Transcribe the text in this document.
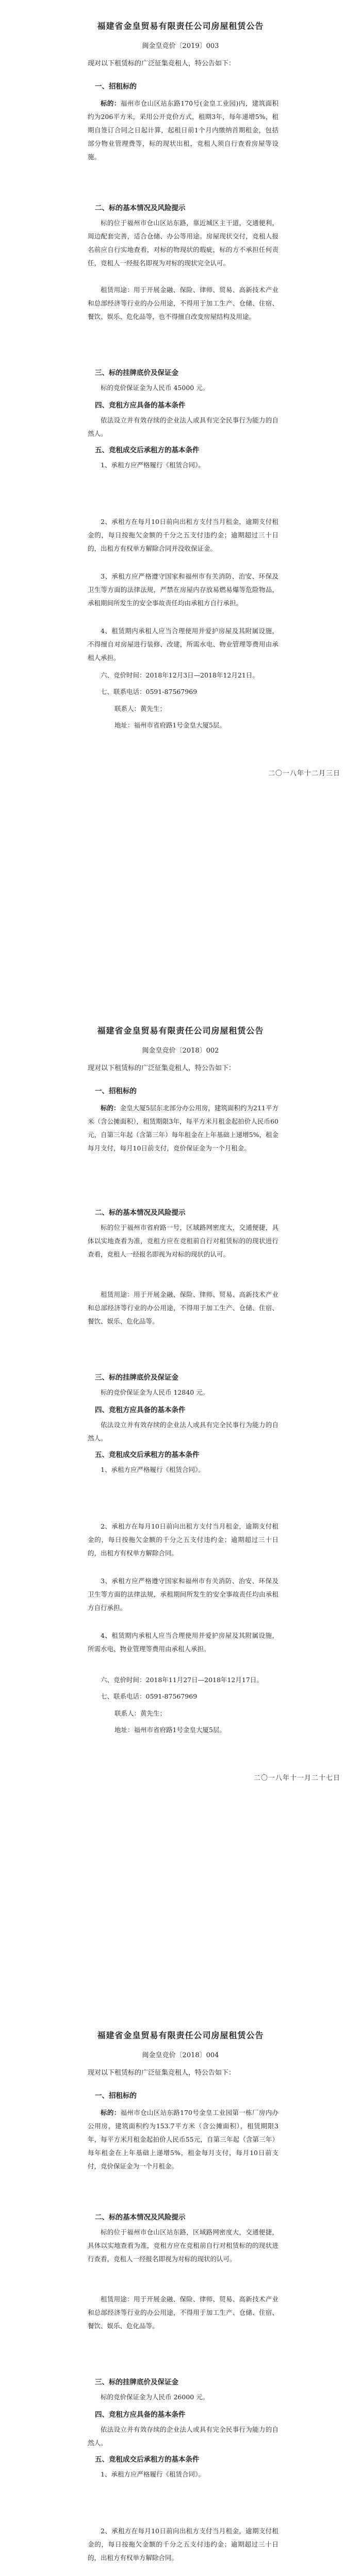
福建省金皇贸易有限责任公司房屋租赁公告
闽金皇竞价〔2019〕003
现对以下租赁标的广泛征集竞租人，特公告如下：
一、招租标的
标的：福州市仓山区站东路170号(金皇工业园)内，建筑面积约为206平方米，采用公开竞价方式，租期3年，每年递增5%，租期自签订合同之日起计算，起租日前1个月内缴纳首期租金，包括部分物业管理费等，标的现状出租，竞租人须自行查看房屋等设施。
二、标的基本情况及风险提示
标的位于福州市仓山区站东路，靠近城区主干道，交通便利，周边配套完善，适合仓储、办公等用途。房屋现状交付，竞租人报名前应自行实地查看，对标的物现状的瑕疵，标的方不承担任何责任，竞租人一经报名即视为对标的现状完全认可。
租赁用途：用于开展金融、保险、律师、贸易、高新技术产业和总部经济等行业的办公用途，不得用于加工生产、仓储、住宿、餐饮、娱乐、危化品等，也不得擅自改变房屋结构及用途。
三、标的挂牌底价及保证金
标的竞价保证金为人民币 45000 元。
四、竞租方应具备的基本条件
依法设立并有效存续的企业法人或具有完全民事行为能力的自然人。
五、竞租成交后承租方的基本条件
1、承租方应严格履行《租赁合同》。
2、承租方在每月10日前向出租方支付当月租金，逾期支付租金的，每日按拖欠金额的千分之五支付违约金；逾期超过三十日的，出租方有权单方解除合同并没收保证金。
3、承租方应严格遵守国家和福州市有关消防、治安、环保及卫生等方面的法律法规，严禁在房屋内存放易燃易爆等危险物品，承租期间所发生的安全事故责任均由承租方自行承担。
4、租赁期内承租人应当合理使用并爱护房屋及其附属设施，不得擅自对房屋进行装修、改建，所需水电、物业管理等费用由承租人承担。
六、竞价时间：2018年12月3日—2018年12月21日。
七、联系电话：0591-87567969
联系人：黄先生；
地址：福州市省府路1号金皇大厦5层。
二〇一八年十二月三日
福建省金皇贸易有限责任公司房屋租赁公告
闽金皇竞价〔2018〕002
现对以下租赁标的广泛征集竞租人，特公告如下：
一、招租标的
标的：金皇大厦5层东北部分办公用房，建筑面积约为211平方米（含公摊面积），租赁期限3年，每平方米月租金起拍价人民币60元，自第三年起（含第三年）每年租金在上年基础上递增5%，租金每月支付，每月10日前支付，竞价保证金为一个月租金。
二、标的基本情况及风险提示
标的位于福州市省府路一号，区域路网密度大，交通便捷，具体以实地查看为准，竞租方应在竞租前自行对租赁标的的现状进行查看，竞租人一经报名即视为对标的现状的认可。
租赁用途：用于开展金融、保险、律师、贸易、高新技术产业和总部经济等行业的办公用途，不得用于加工生产、仓储、住宿、餐饮、娱乐、危化品等。
三、标的挂牌底价及保证金
标的竞价保证金为人民币 12840 元。
四、竞租方应具备的基本条件
依法设立并有效存续的企业法人或具有完全民事行为能力的自然人。
五、竞租成交后承租方的基本条件
1、承租方应严格履行《租赁合同》。
2、承租方在每月10日前向出租方支付当月租金，逾期支付租金的，每日按拖欠金额的千分之五支付违约金；逾期超过三十日的，出租方有权单方解除合同。
3、承租方应严格遵守国家和福州市有关消防、治安、环保及卫生等方面的法律法规，承租期间所发生的安全事故责任均由承租方自行承担。
4、租赁期内承租人应当合理使用并爱护房屋及其附属设施，所需水电、物业管理等费用由承租人承担。
六、竞价时间：2018年11月27日—2018年12月17日。
七、联系电话：0591-87567969
联系人：黄先生；
地址：福州市省府路1号金皇大厦5层。
二〇一八年十一月二十七日
福建省金皇贸易有限责任公司房屋租赁公告
闽金皇竞价〔2018〕004
现对以下租赁标的广泛征集竞租人，特公告如下：
一、招租标的
标的：福州市仓山区站东路170号金皇工业园第一栋厂房内办公用房，建筑面积约为153.7平方米（含公摊面积），租赁期限3年，每平方米月租金起拍价人民币55元，自第三年起（含第三年）每年租金在上年基础上递增5%，租金每月支付，每月10日前支付，竞价保证金为一个月租金。
二、标的基本情况及风险提示
标的位于福州市仓山区站东路，区域路网密度大，交通便捷，具体以实地查看为准，竞租方应在竞租前自行对租赁标的的现状进行查看，竞租人一经报名即视为对标的现状的认可。
租赁用途：用于开展金融、保险、律师、贸易、高新技术产业和总部经济等行业的办公用途，不得用于加工生产、仓储、住宿、餐饮、娱乐、危化品等。
三、标的挂牌底价及保证金
标的竞价保证金为人民币 26000 元。
四、竞租方应具备的基本条件
依法设立并有效存续的企业法人或具有完全民事行为能力的自然人。
五、竞租成交后承租方的基本条件
1、承租方应严格履行《租赁合同》。
2、承租方在每月10日前向出租方支付当月租金，逾期支付租金的，每日按拖欠金额的千分之五支付违约金；逾期超过三十日的，出租方有权单方解除合同。
